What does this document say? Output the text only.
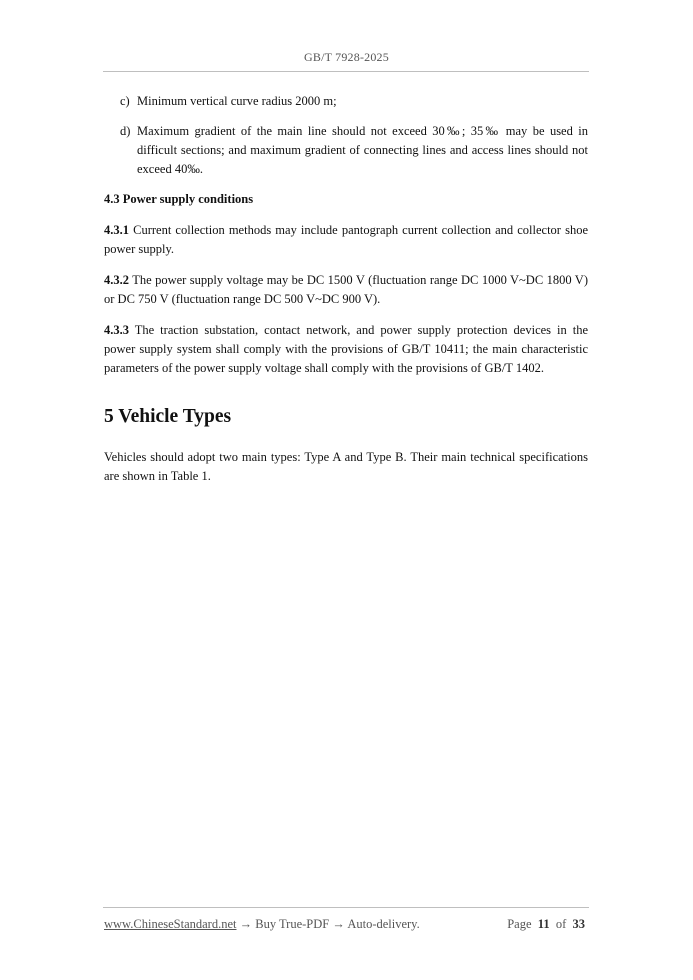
GB/T 7928-2025
c) Minimum vertical curve radius 2000 m;
d) Maximum gradient of the main line should not exceed 30‰; 35‰ may be used in difficult sections; and maximum gradient of connecting lines and access lines should not exceed 40‰.
4.3 Power supply conditions
4.3.1 Current collection methods may include pantograph current collection and collector shoe power supply.
4.3.2 The power supply voltage may be DC 1500 V (fluctuation range DC 1000 V~DC 1800 V) or DC 750 V (fluctuation range DC 500 V~DC 900 V).
4.3.3 The traction substation, contact network, and power supply protection devices in the power supply system shall comply with the provisions of GB/T 10411; the main characteristic parameters of the power supply voltage shall comply with the provisions of GB/T 1402.
5 Vehicle Types
Vehicles should adopt two main types: Type A and Type B. Their main technical specifications are shown in Table 1.
www.ChineseStandard.net → Buy True-PDF → Auto-delivery.	Page 11 of 33
